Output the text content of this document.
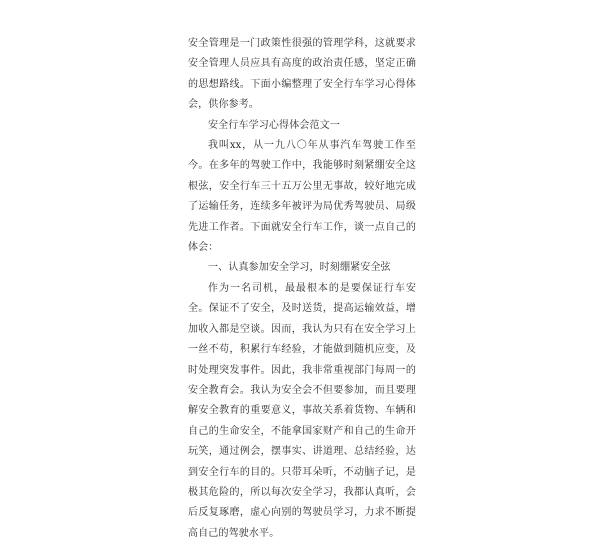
安全管理是一门政策性很强的管理学科，这就要求安全管理人员应具有高度的政治责任感，坚定正确的思想路线。下面小编整理了安全行车学习心得体会，供你参考。

安全行车学习心得体会范文一

我叫xx，从一九八〇年从事汽车驾驶工作至今。在多年的驾驶工作中，我能够时刻紧绷安全这根弦，安全行车三十五万公里无事故，较好地完成了运输任务，连续多年被评为局优秀驾驶员、局级先进工作者。下面就安全行车工作，谈一点自己的体会：

一、认真参加安全学习，时刻绷紧安全弦

作为一名司机，最最根本的是要保证行车安全。保证不了安全，及时送货，提高运输效益，增加收入都是空谈。因而，我认为只有在安全学习上一丝不苟，积累行车经验，才能做到随机应变，及时处理突发事件。因此，我非常重视部门每周一的安全教育会。我认为安全会不但要参加，而且要理解安全教育的重要意义，事故关系着货物、车辆和自己的生命安全，不能拿国家财产和自己的生命开玩笑，通过例会，摆事实、讲道理、总结经验，达到安全行车的目的。只带耳朵听，不动脑子记，是极其危险的，所以每次安全学习，我都认真听，会后反复琢磨，虚心向别的驾驶员学习，力求不断提高自己的驾驶水平。
